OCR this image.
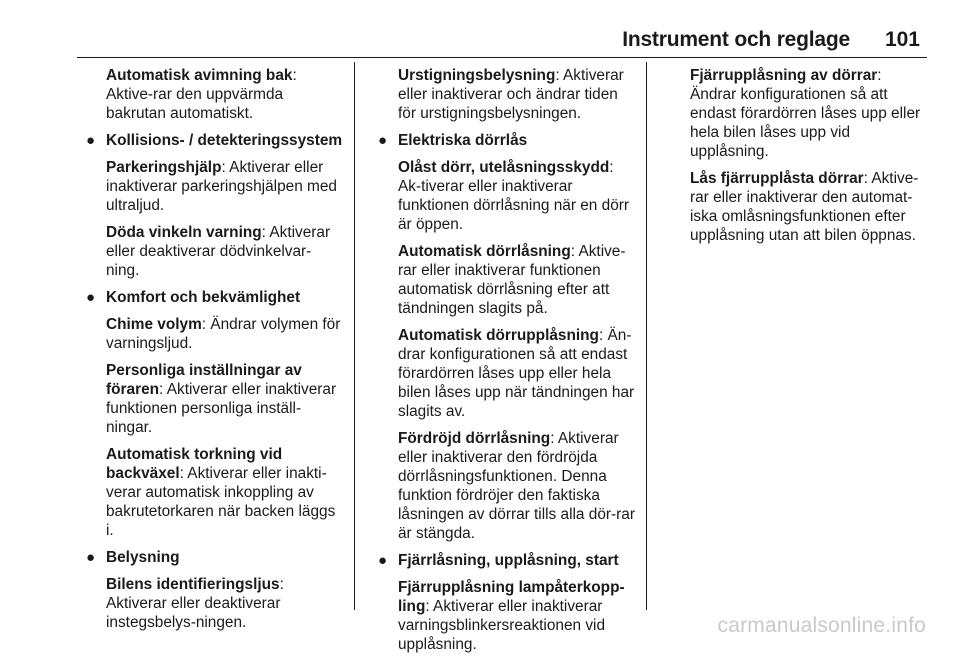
Instrument och reglage 101
Automatisk avimning bak: Aktive-rar den uppvärmda bakrutan automatiskt.
● Kollisions- / detekteringssystem
Parkeringshjälp: Aktiverar eller inaktiverar parkeringshjälpen med ultraljud.
Döda vinkeln varning: Aktiverar eller deaktiverar dödvinkelvar-ning.
● Komfort och bekvämlighet
Chime volym: Ändrar volymen för varningsljud.
Personliga inställningar av föraren: Aktiverar eller inaktiverar funktionen personliga inställ-ningar.
Automatisk torkning vid backväxel: Aktiverar eller inakti-verar automatisk inkoppling av bakrutetorkaren när backen läggs i.
● Belysning
Bilens identifieringsljus: Aktiverar eller deaktiverar instegsbelys-ningen.
Urstigningsbelysning: Aktiverar eller inaktiverar och ändrar tiden för urstigningsbelysningen.
● Elektriska dörrlås
Olåst dörr, utelåsningsskydd: Ak-tiverar eller inaktiverar funktionen dörrlåsning när en dörr är öppen.
Automatisk dörrlåsning: Aktive-rar eller inaktiverar funktionen automatisk dörrlåsning efter att tändningen slagits på.
Automatisk dörrupplåsning: Än-drar konfigurationen så att endast förardörren låses upp eller hela bilen låses upp när tändningen har slagits av.
Fördröjd dörrlåsning: Aktiverar eller inaktiverar den fördröjda dörrlåsningsfunktionen. Denna funktion fördröjer den faktiska låsningen av dörrar tills alla dör-rar är stängda.
● Fjärrlåsning, upplåsning, start
Fjärrupplåsning lampåterkopp-ling: Aktiverar eller inaktiverar varningsblinkersreaktionen vid upplåsning.
Fjärrupplåsning av dörrar: Ändrar konfigurationen så att endast förardörren låses upp eller hela bilen låses upp vid upplåsning.
Lås fjärrupplåsta dörrar: Aktive-rar eller inaktiverar den automat-iska omlåsningsfunktionen efter upplåsning utan att bilen öppnas.
carmanualsonline.info
